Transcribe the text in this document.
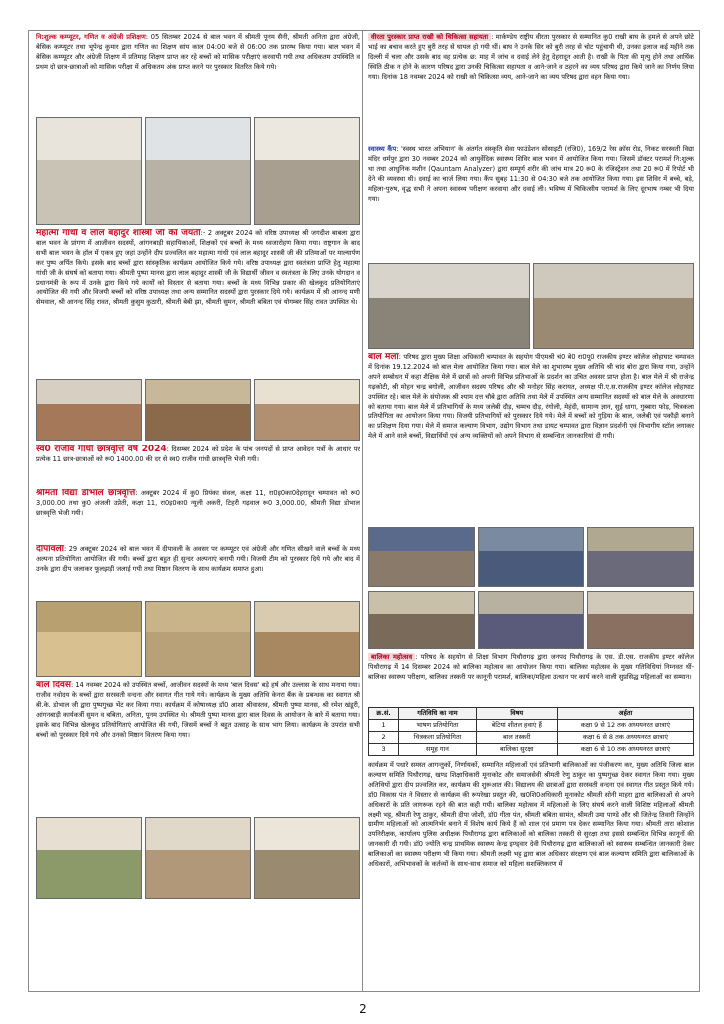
नि:शुल्क कम्प्यूटर, गणित व अंग्रेजी प्रशिक्षण: 05 सितम्बर 2024 से बाल भवन में श्रीमती पूनम सैनी, श्रीमती अनिता द्वारा अंग्रेजी, बेसिक कम्प्यूटर तथा भूपेन्द्र कुमार द्वारा गणित का शिक्षण सांय काल 04:00 बजे से 06:00 तक प्रारम्भ किया गया। बाल भवन में बेसिक कम्प्यूटर और अंग्रेजी शिक्षण में प्रतिमाह शिक्षण प्राप्त कर रहे बच्चों को मासिक परीक्षाएं करवायी गयी तथा अधिकतम उपस्थिति व प्रथम दो छात्र-छात्राओं को मासिक परीक्षा में अधिकतम अंक प्राप्त करने पर पुरस्कार वितरित किये गये।
महात्मा गांधी व लाल बहादुर शास्त्री जी की जयंती:- 2 अक्टूबर 2024 को वरिष्ठ उपाध्यक्ष श्री जगदीश बाबला द्वारा बाल भवन के प्रांगण में आजीवन सदस्यों, आंगनबाड़ी सहायिकाओं, शिक्षकों एवं बच्चों के मध्य ध्वजारोहण किया गया। राष्ट्रगान के बाद सभी बाल भवन के हॉल में एकत्र हुए जहां उन्होंने दीप प्रज्वलित कर महात्मा गांधी एवं लाल बहादुर शास्त्री जी की प्रतिमाओं पर माल्यार्पण कर पुष्प अर्पित किये। इसके बाद बच्चों द्वारा सांस्कृतिक कार्यक्रम आयोजित किये गये। वरिष्ठ उपाध्यक्ष द्वारा स्वतंत्रता प्राप्ति हेतु महात्मा गांधी जी के संघर्ष को बताया गया। श्रीमती पुष्पा मानस द्वारा लाल बहादुर शास्त्री जी के विद्यार्थी जीवन व स्वतंत्रता के लिए उनके योगदान व प्रधानमंत्री के रूप में उनके द्वारा किये गये कार्यों को विस्तार से बताया गया। बच्चों के मध्य विभिन्न प्रकार की खेलकूद प्रतियोगिताएं आयोजित की गयी और विजयी बच्चों को वरिष्ठ उपाध्यक्ष तथा अन्य सम्मानित सदस्यों द्वारा पुरस्कार दिये गये। कार्यक्रम में श्री आनन्द मणी सेमवाल, श्री आनन्द सिंह रावत, श्रीमती कुसुम कुठारी, श्रीमती बेबी झा, श्रीमती सुमन, श्रीमती बबिता एवं योगम्बर सिंह रावत उपस्थित थे।
स्व0 राजीव गांधी छात्रवृत्ति वर्ष 2024: दिसम्बर 2024 को प्रदेश के पांच जनपदों से प्राप्त आवेदन पत्रों के आधार पर प्रत्येक 11 छात्र-छात्राओं को रू0 1400.00 की दर से स्व0 राजीव गांधी छात्रवृत्ति भेजी गयी।
श्रीमती विद्या डोभाल छात्रवृत्ति: अक्टूबर 2024 में कु0 प्रियंका संवल, कक्षा 11, रा0इ0का0देहरादून चम्पावत को रू0 3,000.00 तथा कु0 अंजली उप्रेती, कक्षा 11, रा0इ0का0 न्यूली अकरी, टिहरी गढ़वाल रू0 3,000.00, श्रीमती विद्या डोभाल छात्रवृत्ति भेजी गयी।
दीपावली: 29 अक्टूबर 2024 को बाल भवन में दीपावली के अवसर पर कम्प्यूटर एवं अंग्रेजी और गणित सीखने वाले बच्चों के मध्य अल्पना प्रतियोगिता आयोजित की गयी। बच्चों द्वारा बहुत ही सुन्दर अल्पनाएं बनायी गयी। विजयी टीम को पुरस्कार दिये गये और बाद में उनके द्वारा दीप जलाकर फूलझड़ी जलाई गयी तथा मिष्ठान वितरण के साथ कार्यक्रम समाप्त हुआ।
बाल दिवस: 14 नवम्बर 2024 को उपस्थित बच्चों, आजीवन सदस्यों के मध्य 'बाल दिवस' बड़े हर्ष और उल्लास के साथ मनाया गया। राजीव नवोदय के बच्चों द्वारा सरस्वती वन्दना और स्वागत गीत गाये गये। कार्यक्रम के मुख्य अतिथि केनरा बैंक के प्रबन्धक का स्वागत श्री बी.के. डोभाल जी द्वारा पुष्पगुच्छ भेंट कर किया गया। कार्यक्रम में कोषाध्यक्ष डॉ0 आशा श्रीवास्तव, श्रीमती पुष्पा मानस, श्री रमेश खंडूरी, आंगनबाड़ी कार्यकर्त्री सुमन व बबिता, अनिता, पूनम उपस्थित थे। श्रीमती पुष्पा मानस द्वारा बाल दिवस के आयोजन के बारे में बताया गया। इसके बाद विभिन्न खेलकूद प्रतियोगिताएं आयोजित की गयी, जिसमें बच्चों ने बहुत उत्साह के साथ भाग लिया। कार्यक्रम के उपरांत सभी बच्चों को पुरस्कार दिये गये और उनको मिष्ठान वितरण किया गया।
वीरता पुरस्कार प्राप्त राखी को चिकित्सा सहायता : मार्कण्डेय राष्ट्रीय वीरता पुरस्कार से सम्मानित कु0 राखी बाघ के हमले से अपने छोटे भाई का बचाव करते हुए बुरी तरह से घायल हो गयी थीं। बाघ ने उनके सिर को बुरी तरह से चोट पहुंचायी थी, उनका इलाज कई महीने तक दिल्ली में चला और उसके बाद वह प्रत्येक छ: माह में जांच व दवाई लेने हेतु देहरादून आती है। राखी के पिता की मृत्यु होने तथा आर्थिक स्थिति ठीक न होने के कारण परिषद द्वारा उनकी चिकित्सा सहायता व आने-जाने व ठहरने का व्यय परिषद द्वारा किये जाने का निर्णय लिया गया। दिनांक 18 नवम्बर 2024 को राखी को चिकित्सा व्यय, आने-जाने का व्यय परिषद द्वारा वहन किया गया।
स्वास्थ्य कैंप: 'स्वस्थ भारत अभियान' के अंतर्गत संस्कृति सेवा फाउंडेशन सोसाइटी (रजि0), 169/2 रेस क्रॉस रोड, निकट सरस्वती विद्या मंदिर धर्मपुर द्वारा 30 नवम्बर 2024 को आयुर्वेदिक स्वास्थ्य शिविर बाल भवन में आयोजित किया गया। जिसमें डॉक्टर परामर्श नि:शुल्क था तथा आधुनिक मशीन (Qauntam Analyzer) द्वारा सम्पूर्ण शरीर की जांच मात्र 20 रू0 के रजिस्ट्रेशन तथा 20 रू0 में रिपोर्ट भी देने की व्यवस्था थी। दवाई का चार्ज लिया गया। कैंप सुबह 11:30 से 04:30 बजे तक आयोजित किया गया। इस शिविर में बच्चे, बड़े, महिला-पुरुष, वृद्ध सभी ने अपना स्वास्थ्य परीक्षण करवाया और दवाई ली। भविष्य में चिकित्सीय परामर्श के लिए दूरभाष नम्बर भी दिया गया।
बाल मेला: परिषद द्वारा मुख्य शिक्षा अधिकारी चम्पावत के सहयोग पीएमश्री चं0 बे0 रा0पू0 राजकीय इण्टर कॉलेज लोहाघाट चम्पावत में दिनांक 19.12.2024 को बाल मेला आयोजित किया गया। बाल मेले का शुभारम्भ मुख्य अतिथि श्री चांद बोरा द्वारा किया गया, उन्होंने अपने सम्बोधन में कहा शैक्षिक मेले में छात्रों को अपनी विभिन्न प्रतिभाओं के प्रदर्शन का उचित अवसर प्राप्त होता है। बाल मेले में श्री राजेन्द्र गढ़कोटी, श्री मोहन चन्द्र बगोली, आजीवन सदस्य परिषद और श्री मनोहर सिंह करायत, अध्यक्ष पी.ए.स.राजकीय इण्टर कॉलेज लोहाघाट उपस्थित रहे। बाल मेले के संयोजक श्री श्याम दत्त चौबे द्वारा अतिथि तथा मेले में उपस्थित अन्य सम्मानित सदस्यों को बाल मेले के अवधारणा को बताया गया। बाल मेले में प्रतिभागियों के मध्य जलेबी दौड़, चम्मच दौड़, रंगोली, मेहंदी, सामान्य ज्ञान, सुई धागा, गुब्बारा फोड़, चित्रकला प्रतियोगिता का आयोजन किया गया। विजयी प्रतिभागियों को पुरस्कार दिये गये। मेले में बच्चों को गुड़िया के बाल, जलेबी एवं पकौड़ी बनाने का प्रशिक्षण दिया गया। मेले में समाज कल्याण विभाग, उद्योग विभाग तथा डायट चम्पावत द्वारा विज्ञान प्रदर्शनी एवं विभागीय स्टॉल लगाकर मेले में आने वाले बच्चों, विद्यार्थियों एवं अन्य व्यक्तियों को अपने विभाग से सम्बन्धित जानकारियां दी गयी।
बालिका महोत्सव : परिषद के सहयोग से शिक्षा विभाग पिथौरागढ़ द्वारा जनपद पिथौरागढ़ के एस. डी.एस. राजकीय इण्टर कॉलेज पिथौरागढ़ में 14 दिसम्बर 2024 को बालिका महोत्सव का आयोजन किया गया। बालिका महोत्सव के मुख्य गतिविधियां निम्नवत थीं- बालिका स्वास्थ्य परीक्षण, बालिका तस्करी पर कानूनी परामर्श, बालिका/महिला उत्थान पर कार्य करने वाली सुप्रसिद्ध महिलाओं का सम्मान।
क्र.सं.	गतिविधि का नाम	विषय	अर्हता
1	भाषण प्रतियोगिता	बेटियां शीतल हवाएं हैं	कक्षा 9 से 12 तक अध्ययनरत छात्राएं
2	चित्रकला प्रतियोगिता	बाल तस्करी	कक्षा 6 से 8 तक अध्ययनरत छात्राएं
3	समूह गान	बालिका सुरक्षा	कक्षा 6 से 10 तक अध्ययनरत छात्राएं
कार्यक्रम में पधारे समस्त आगन्तुकों, निर्णायकों, सम्मानित महिलाओं एवं प्रतिभागी बालिकाओं का पंजीकरण कर, मुख्य अतिथि जिला बाल कल्याण समिति पिथौरागढ़, खण्ड शिक्षाधिकारी मूनाकोट और समाजसेवी श्रीमती रेणु ठाकुर का पुष्पगुच्छ देकर स्वागत किया गया। मुख्य अतिथियों द्वारा दीप प्रज्वलित कर, कार्यक्रम की शुरूआत की। विद्यालय की छात्राओं द्वारा सरस्वती वन्दना एवं स्वागत गीत प्रस्तुत किये गये। डॉ0 विकास पंत ने विस्तार से कार्यक्रम की रूपरेखा प्रस्तुत की, ख0शि0अधिकारी मूनाकोट श्रीमती सोनी माहरा द्वारा बालिकाओं से अपने अधिकारों के प्रति जागरूक रहने की बात कही गयी। बालिका महोत्सव में महिलाओं के लिए संघर्ष करने वाली विशिष्ट महिलाओं श्रीमती लक्ष्मी भट्ट, श्रीमती रेणु ठाकुर, श्रीमती दीपा जोशी, डॉ0 गीता पंत, श्रीमती बबिता सामंत, श्रीमती उमा पाण्डे और श्री जितेन्द्र तिवारी जिन्होंने ग्रामीण महिलाओं को आत्मनिर्भर बनाने में विशेष कार्य किये हैं को शाल एवं प्रमाण पत्र देकर सम्मानित किया गया। श्रीमती तारा कोशाल उपनिरीक्षक, कार्यालय पुलिस अधीक्षक पिथौरागढ़ द्वारा बालिकाओं को बालिका तस्करी से सुरक्षा तथा इससे सम्बन्धित विभिन्न कानूनों की जानकारी दी गयी। डॉ0 ज्योति चन्द्र प्राथमिक स्वास्थ्य केन्द्र इण्ड्वार देवी पिथौरागढ़ द्वारा बालिकाओं को स्वास्थ्य सम्बन्धित जानकारी देकर बालिकाओं का स्वास्थ्य परीक्षण भी किया गया। श्रीमती लक्ष्मी भट्ट द्वारा बाल अधिकार संरक्षण एवं बाल कल्याण समिति द्वारा बालिकाओं के अधिकारों, अभिभावकों के कर्तव्यों के साथ-साथ समाज को महिला सशक्तिकरण में
2
